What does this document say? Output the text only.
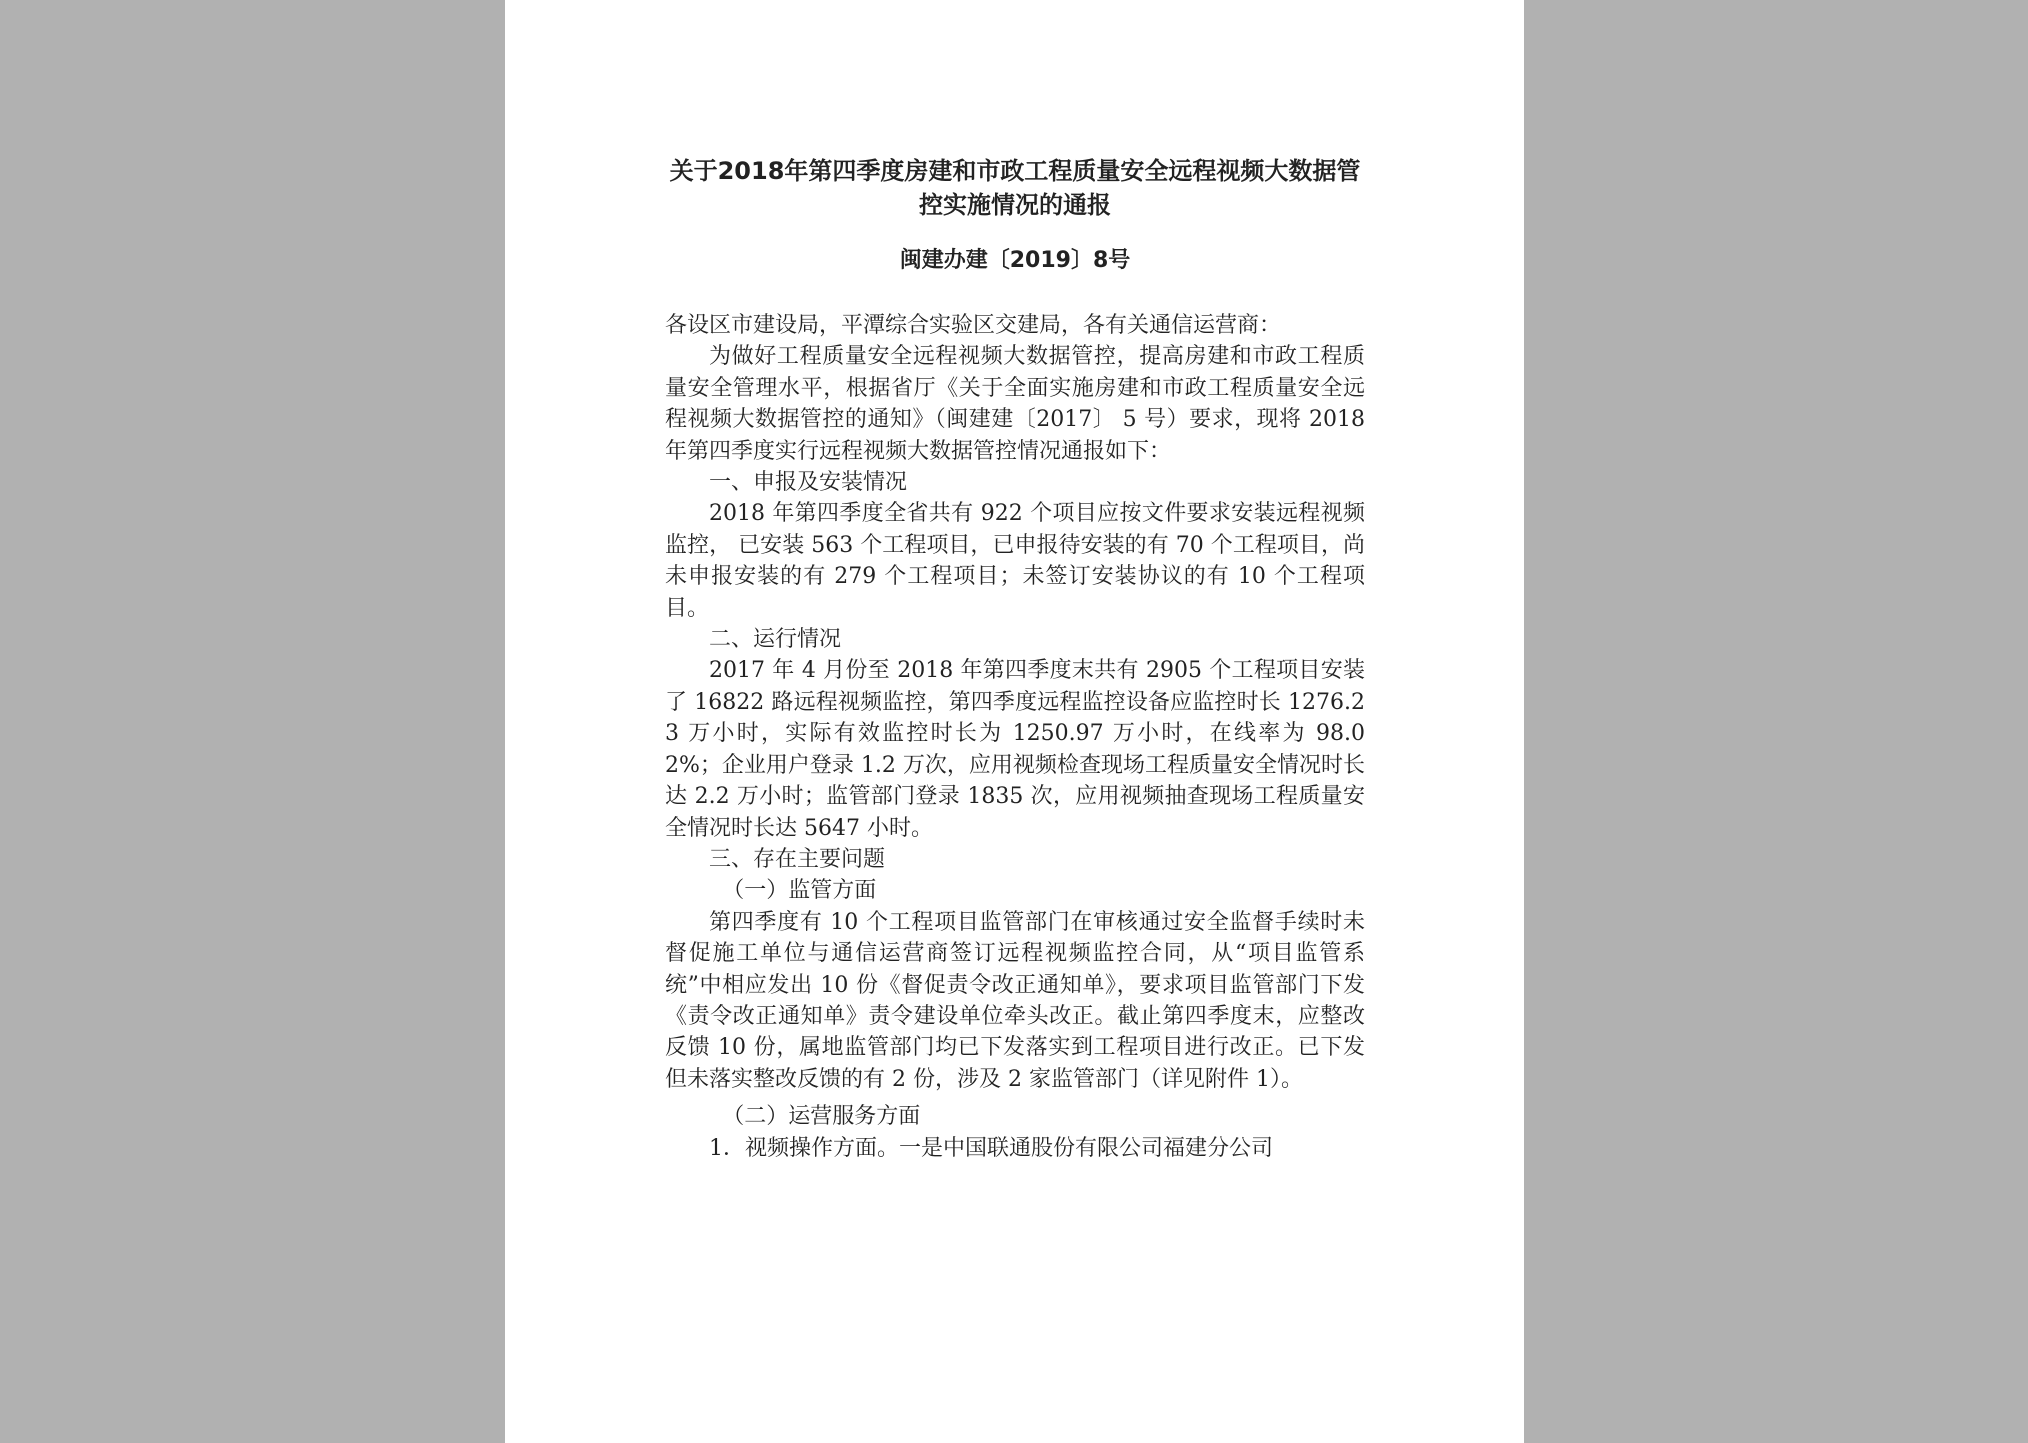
关于2018年第四季度房建和市政工程质量安全远程视频大数据管控实施情况的通报
闽建办建〔2019〕8号

各设区市建设局，平潭综合实验区交建局，各有关通信运营商：

为做好工程质量安全远程视频大数据管控，提高房建和市政工程质量安全管理水平，根据省厅《关于全面实施房建和市政工程质量安全远程视频大数据管控的通知》（闽建建〔2017〕 5 号）要求，现将 2018 年第四季度实行远程视频大数据管控情况通报如下：

一、申报及安装情况

2018 年第四季度全省共有 922 个项目应按文件要求安装远程视频监控， 已安装 563 个工程项目，已申报待安装的有 70 个工程项目，尚未申报安装的有 279 个工程项目；未签订安装协议的有 10 个工程项目。

二、运行情况

2017 年 4 月份至 2018 年第四季度末共有 2905 个工程项目安装了 16822 路远程视频监控，第四季度远程监控设备应监控时长 1276.23 万小时，实际有效监控时长为 1250.97 万小时，在线率为 98.02%；企业用户登录 1.2 万次，应用视频检查现场工程质量安全情况时长达 2.2 万小时；监管部门登录 1835 次，应用视频抽查现场工程质量安全情况时长达 5647 小时。

三、存在主要问题

（一）监管方面

第四季度有 10 个工程项目监管部门在审核通过安全监督手续时未督促施工单位与通信运营商签订远程视频监控合同，从“项目监管系统”中相应发出 10 份《督促责令改正通知单》，要求项目监管部门下发《责令改正通知单》责令建设单位牵头改正。截止第四季度末，应整改反馈 10 份，属地监管部门均已下发落实到工程项目进行改正。已下发但未落实整改反馈的有 2 份，涉及 2 家监管部门（详见附件 1）。

（二）运营服务方面

1．视频操作方面。一是中国联通股份有限公司福建分公司
